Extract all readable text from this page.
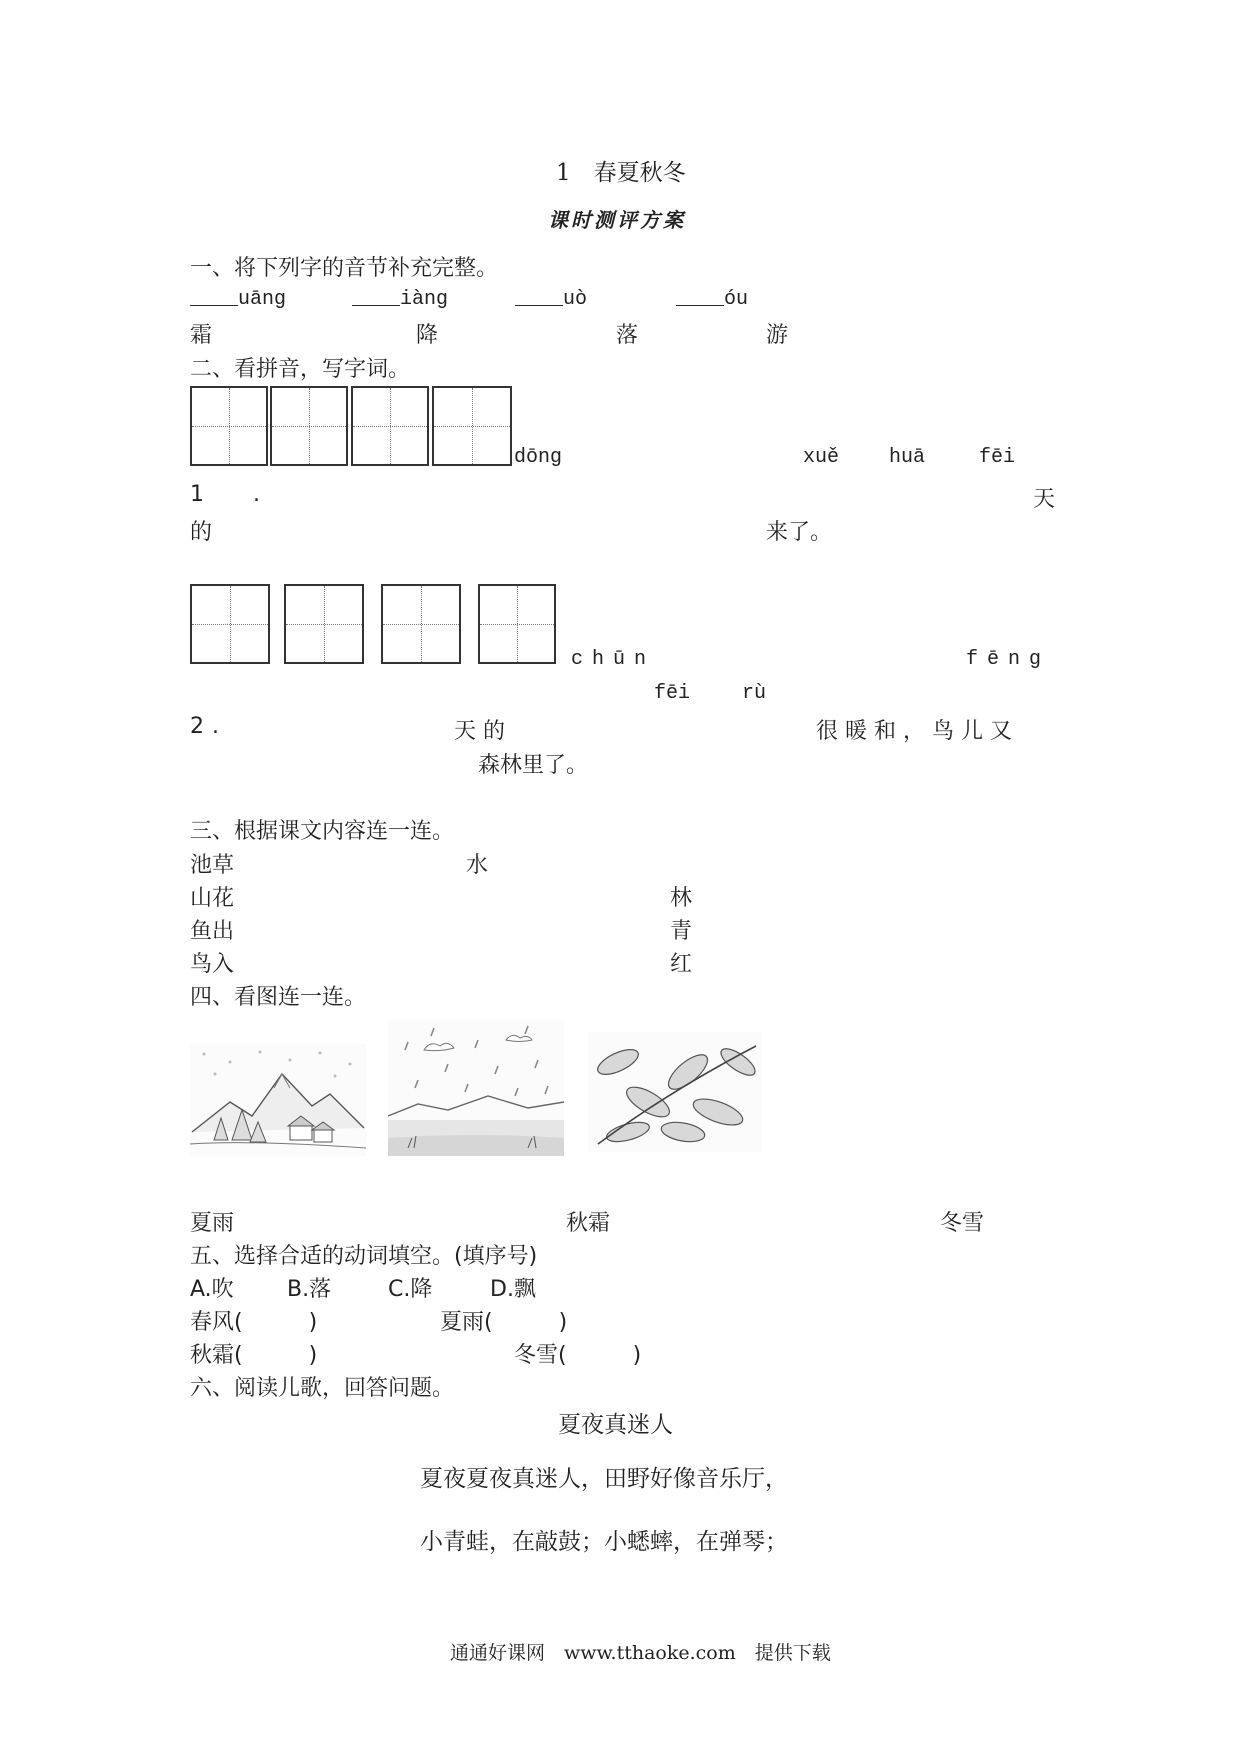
1　春夏秋冬
课时测评方案
一、将下列字的音节补充完整。
____uāng	____iàng	____uò	____óu
霜	降	落	游
二、看拼音，写字词。
dōng	xuě huā	fēi
1 .	天
的	来了。
chūn	fēng
fēi	rù
2.	天 的	很 暖 和 ， 鸟 儿 又
森林里了。
三、根据课文内容连一连。
池草	水
山花	林
鱼出	青
鸟入	红
四、看图连一连。
夏雨	秋霜	冬雪
五、选择合适的动词填空。(填序号)
A.吹 B.落	C.降	D.飘
春风(　　　)	夏雨(　　　)
秋霜(　　　)	冬雪(　　　)
六、阅读儿歌，回答问题。
夏夜真迷人
夏夜夏夜真迷人，田野好像音乐厅，
小青蛙，在敲鼓；小蟋蟀，在弹琴；
通通好课网　www.tthaoke.com　提供下载
